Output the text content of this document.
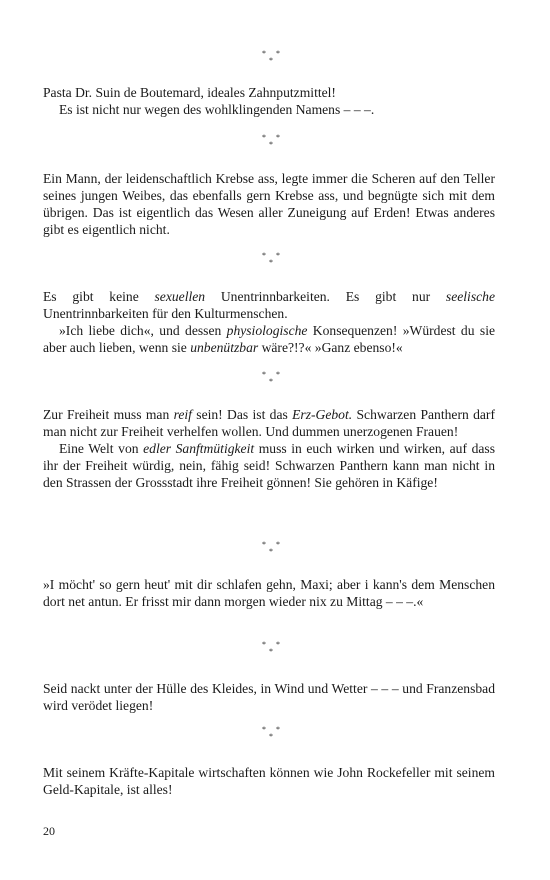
* *
*

Pasta Dr. Suin de Boutemard, ideales Zahnputzmittel!

Es ist nicht nur wegen des wohlklingenden Namens – – –.

* *
*

Ein Mann, der leidenschaftlich Krebse ass, legte immer die Scheren auf den Teller seines jungen Weibes, das ebenfalls gern Krebse ass, und begnügte sich mit dem übrigen. Das ist eigentlich das Wesen aller Zuneigung auf Erden! Etwas anderes gibt es eigentlich nicht.

* *
*

Es gibt keine sexuellen Unentrinnbarkeiten. Es gibt nur seelische Unentrinnbarkeiten für den Kulturmenschen.

»Ich liebe dich«, und dessen physiologische Konsequenzen! »Würdest du sie aber auch lieben, wenn sie unbenützbar wäre?!?« »Ganz ebenso!«

* *
*

Zur Freiheit muss man reif sein! Das ist das Erz-Gebot. Schwarzen Panthern darf man nicht zur Freiheit verhelfen wollen. Und dummen unerzogenen Frauen!

Eine Welt von edler Sanftmütigkeit muss in euch wirken und wirken, auf dass ihr der Freiheit würdig, nein, fähig seid! Schwarzen Panthern kann man nicht in den Strassen der Grossstadt ihre Freiheit gönnen! Sie gehören in Käfige!

* *
*

»I möcht' so gern heut' mit dir schlafen gehn, Maxi; aber i kann's dem Menschen dort net antun. Er frisst mir dann morgen wieder nix zu Mittag – – –.«

* *
*

Seid nackt unter der Hülle des Kleides, in Wind und Wetter – – – und Franzensbad wird verödet liegen!

* *
*

Mit seinem Kräfte-Kapitale wirtschaften können wie John Rockefeller mit seinem Geld-Kapitale, ist alles!

20
